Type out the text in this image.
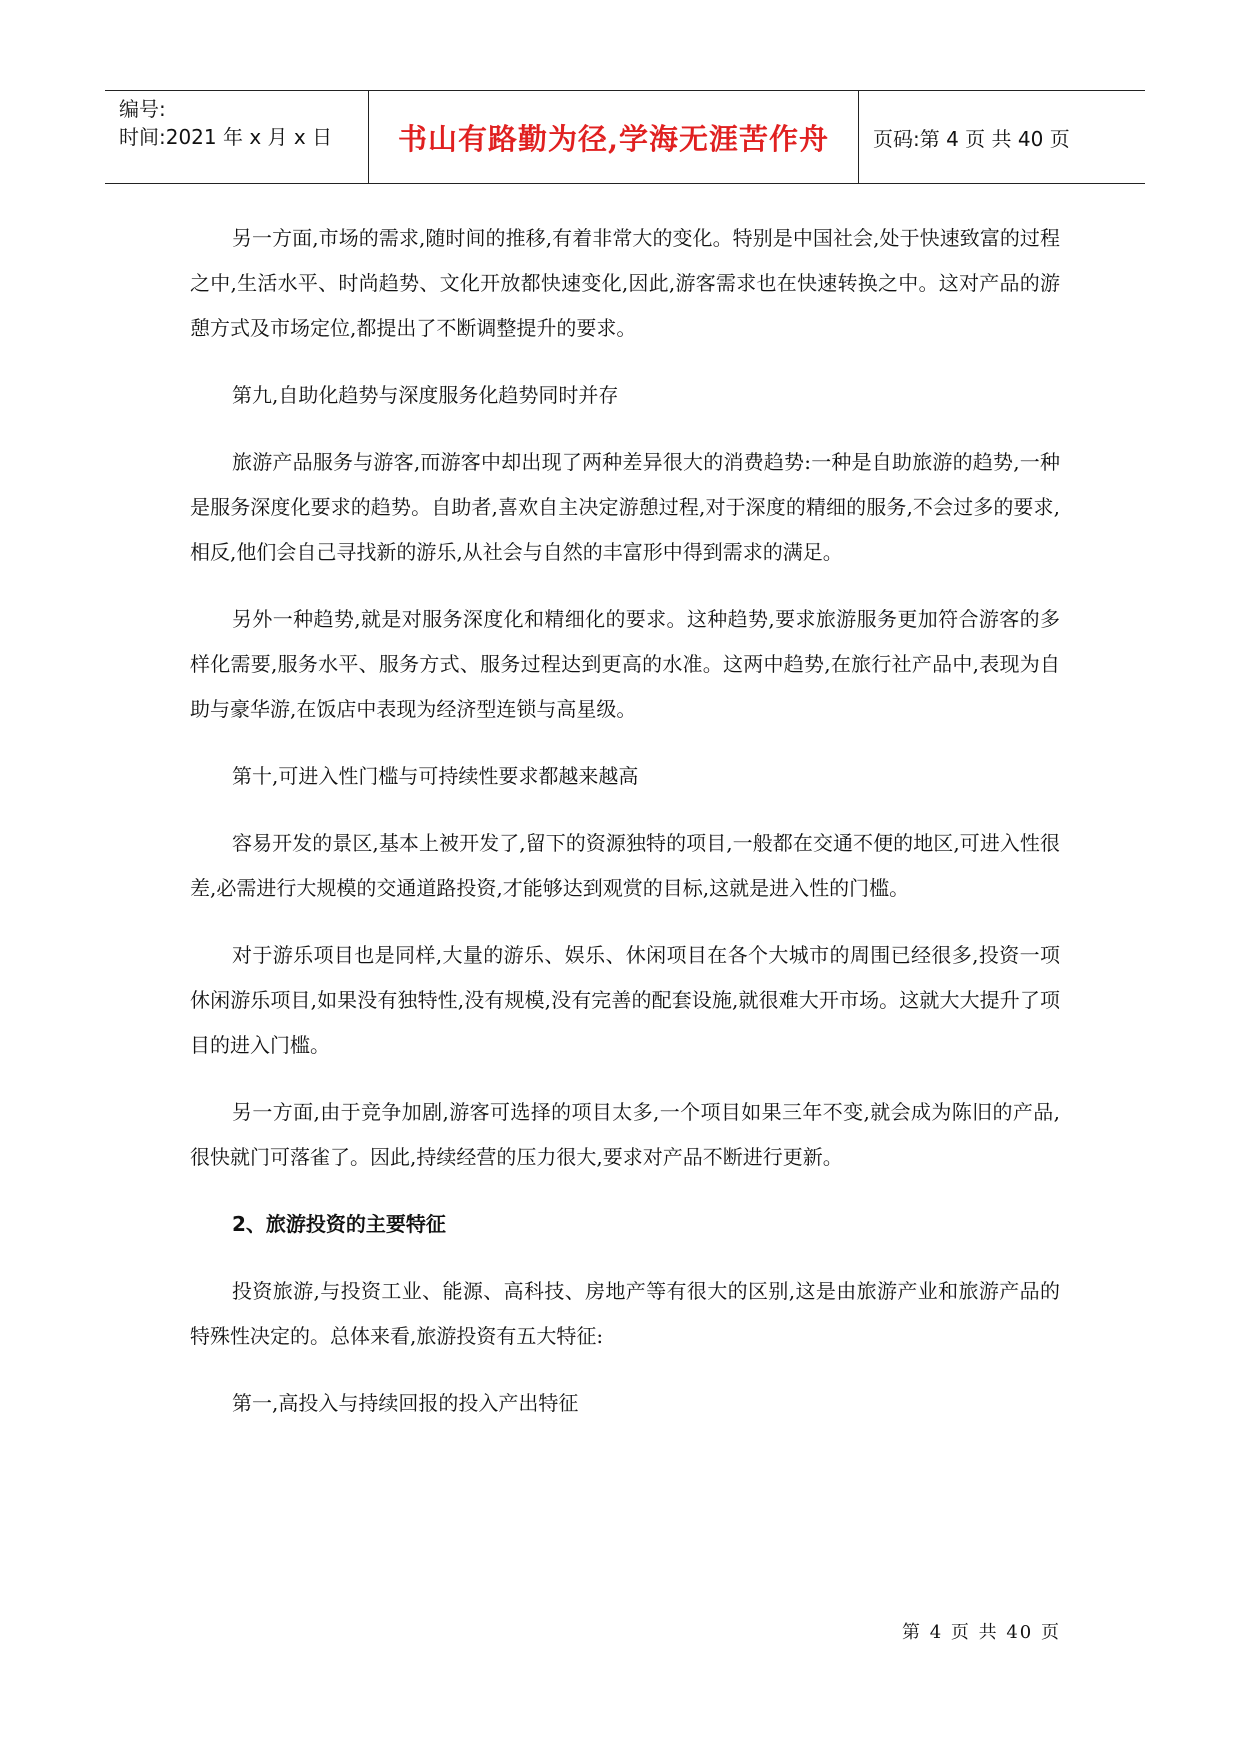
编号:
时间:2021 年 x 月 x 日	书山有路勤为径,学海无涯苦作舟 页码:第 4 页 共 40 页

另一方面,市场的需求,随时间的推移,有着非常大的变化。特别是中国社会,处于快速致富的过程之中,生活水平、时尚趋势、文化开放都快速变化,因此,游客需求也在快速转换之中。这对产品的游憩方式及市场定位,都提出了不断调整提升的要求。

第九,自助化趋势与深度服务化趋势同时并存

旅游产品服务与游客,而游客中却出现了两种差异很大的消费趋势:一种是自助旅游的趋势,一种是服务深度化要求的趋势。自助者,喜欢自主决定游憩过程,对于深度的精细的服务,不会过多的要求,相反,他们会自己寻找新的游乐,从社会与自然的丰富形中得到需求的满足。

另外一种趋势,就是对服务深度化和精细化的要求。这种趋势,要求旅游服务更加符合游客的多样化需要,服务水平、服务方式、服务过程达到更高的水准。这两中趋势,在旅行社产品中,表现为自助与豪华游,在饭店中表现为经济型连锁与高星级。

第十,可进入性门槛与可持续性要求都越来越高

容易开发的景区,基本上被开发了,留下的资源独特的项目,一般都在交通不便的地区,可进入性很差,必需进行大规模的交通道路投资,才能够达到观赏的目标,这就是进入性的门槛。

对于游乐项目也是同样,大量的游乐、娱乐、休闲项目在各个大城市的周围已经很多,投资一项休闲游乐项目,如果没有独特性,没有规模,没有完善的配套设施,就很难大开市场。这就大大提升了项目的进入门槛。

另一方面,由于竞争加剧,游客可选择的项目太多,一个项目如果三年不变,就会成为陈旧的产品,很快就门可落雀了。因此,持续经营的压力很大,要求对产品不断进行更新。

2、旅游投资的主要特征

投资旅游,与投资工业、能源、高科技、房地产等有很大的区别,这是由旅游产业和旅游产品的特殊性决定的。总体来看,旅游投资有五大特征:

第一,高投入与持续回报的投入产出特征

第 4 页 共 40 页
